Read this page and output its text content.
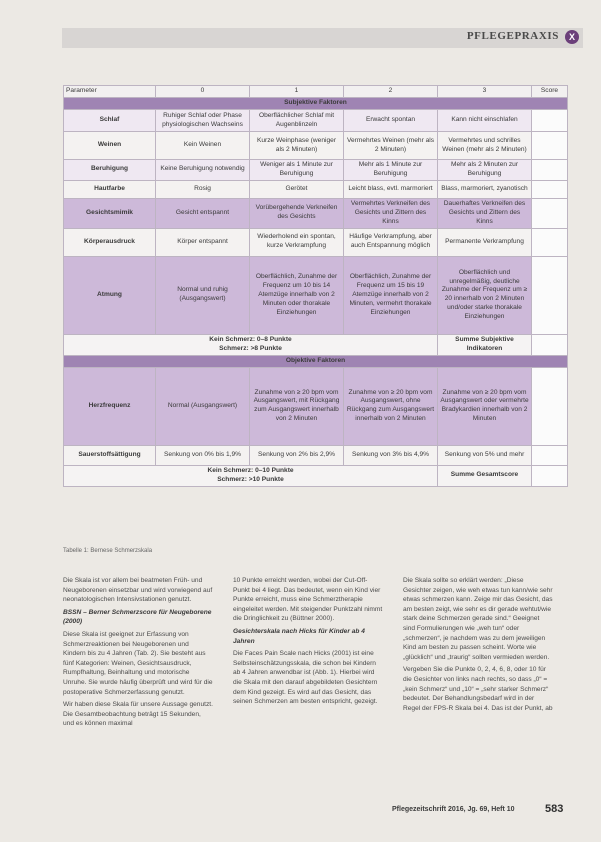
PFLEGEPRAXIS	X
Parameter	0	1	2	3	Score
Subjektive Faktoren					
Schlaf	Ruhiger Schlaf oder Phase physiologischen Wachseins	Oberflächlicher Schlaf mit Augenblinzeln	Erwacht spontan	Kann nicht einschlafen	
Weinen	Kein Weinen	Kurze Weinphase (weniger als 2 Minuten)	Vermehrtes Weinen (mehr als 2 Minuten)	Vermehrtes und schrilles Weinen (mehr als 2 Minuten)	
Beruhigung	Keine Beruhigung notwendig	Weniger als 1 Minute zur Beruhigung	Mehr als 1 Minute zur Beruhigung	Mehr als 2 Minuten zur Beruhigung	
Hautfarbe	Rosig	Gerötet	Leicht blass, evtl. marmoriert	Blass, marmoriert, zyanotisch	
Gesichtsmimik	Gesicht entspannt	Vorübergehende Verkneifen des Gesichts	Vermehrtes Verkneifen des Gesichts und Zittern des Kinns	Dauerhaftes Verkneifen des Gesichts und Zittern des Kinns	
Körperausdruck	Körper entspannt	Wiederholend ein spontan, kurze Verkrampfung	Häufige Verkrampfung, aber auch Entspannung möglich	Permanente Verkrampfung	
Atmung	Normal und ruhig (Ausgangswert)	Oberflächlich, Zunahme der Frequenz um 10 bis 14 Atemzüge innerhalb von 2 Minuten oder thorakale Einziehungen	Oberflächlich, Zunahme der Frequenz um 15 bis 19 Atemzüge innerhalb von 2 Minuten, vermehrt thorakale Einziehungen	Oberflächlich und unregelmäßig, deutliche Zunahme der Frequenz um ≥ 20 innerhalb von 2 Minuten und/oder starke thorakale Einziehungen	
Kein Schmerz: 0–8 Punkte
Schmerz: >8 Punkte				Summe Subjektive Indikatoren	
Objektive Faktoren					
Herzfrequenz	Normal (Ausgangswert)	Zunahme von ≥ 20 bpm vom Ausgangswert, mit Rückgang zum Ausgangswert innerhalb von 2 Minuten	Zunahme von ≥ 20 bpm vom Ausgangswert, ohne Rückgang zum Ausgangswert innerhalb von 2 Minuten	Zunahme von ≥ 20 bpm vom Ausgangswert oder vermehrte Bradykardien innerhalb von 2 Minuten	
Sauerstoffsättigung	Senkung von 0% bis 1,9%	Senkung von 2% bis 2,9%	Senkung von 3% bis 4,9%	Senkung von 5% und mehr	
Kein Schmerz: 0–10 Punkte
Schmerz: >10 Punkte				Summe Gesamtscore	
Tabelle 1: Bernese Schmerzskala

Die Skala ist vor allem bei beatmeten Früh- und Neugeborenen einsetzbar und wird vorwiegend auf neonatologischen Intensivstationen genutzt.

BSSN – Berner Schmerzscore für Neugeborene (2000)

Diese Skala ist geeignet zur Erfassung von Schmerzreaktionen bei Neugeborenen und Kindern bis zu 4 Jahren (Tab. 2). Sie besteht aus fünf Kategorien: Weinen, Gesichtsausdruck, Rumpfhaltung, Beinhaltung und motorische Unruhe. Sie wurde häufig überprüft und wird für die postoperative Schmerzerfassung genutzt.

Wir haben diese Skala für unsere Aussage genutzt. Die Gesamtbeobachtung beträgt 15 Sekunden, und es können maximal

10 Punkte erreicht werden, wobei der Cut-Off-Punkt bei 4 liegt. Das bedeutet, wenn ein Kind vier Punkte erreicht, muss eine Schmerztherapie eingeleitet werden. Mit steigender Punktzahl nimmt die Dringlichkeit zu (Büttner 2000).

Gesichterskala nach Hicks für Kinder ab 4 Jahren

Die Faces Pain Scale nach Hicks (2001) ist eine Selbsteinschätzungsskala, die schon bei Kindern ab 4 Jahren anwendbar ist (Abb. 1). Hierbei wird die Skala mit den darauf abgebildeten Gesichtern dem Kind gezeigt. Es wird auf das Gesicht, das seinen Schmerzen am besten entspricht, gezeigt.

Die Skala sollte so erklärt werden: „Diese Gesichter zeigen, wie weh etwas tun kann/wie sehr etwas schmerzen kann. Zeige mir das Gesicht, das am besten zeigt, wie sehr es dir gerade wehtut/wie stark deine Schmerzen gerade sind.“ Geeignet sind Formulierungen wie „weh tun“ oder „schmerzen“, je nachdem was zu dem jeweiligen Kind am besten zu passen scheint. Worte wie „glücklich“ und „traurig“ sollten vermieden werden.

Vergeben Sie die Punkte 0, 2, 4, 6, 8, oder 10 für die Gesichter von links nach rechts, so dass „0“ = „kein Schmerz“ und „10“ = „sehr starker Schmerz“ bedeutet. Der Behandlungsbedarf wird in der Regel der FPS-R Skala bei 4. Das ist der Punkt, ab

Pflegezeitschrift 2016, Jg. 69, Heft 10	583
